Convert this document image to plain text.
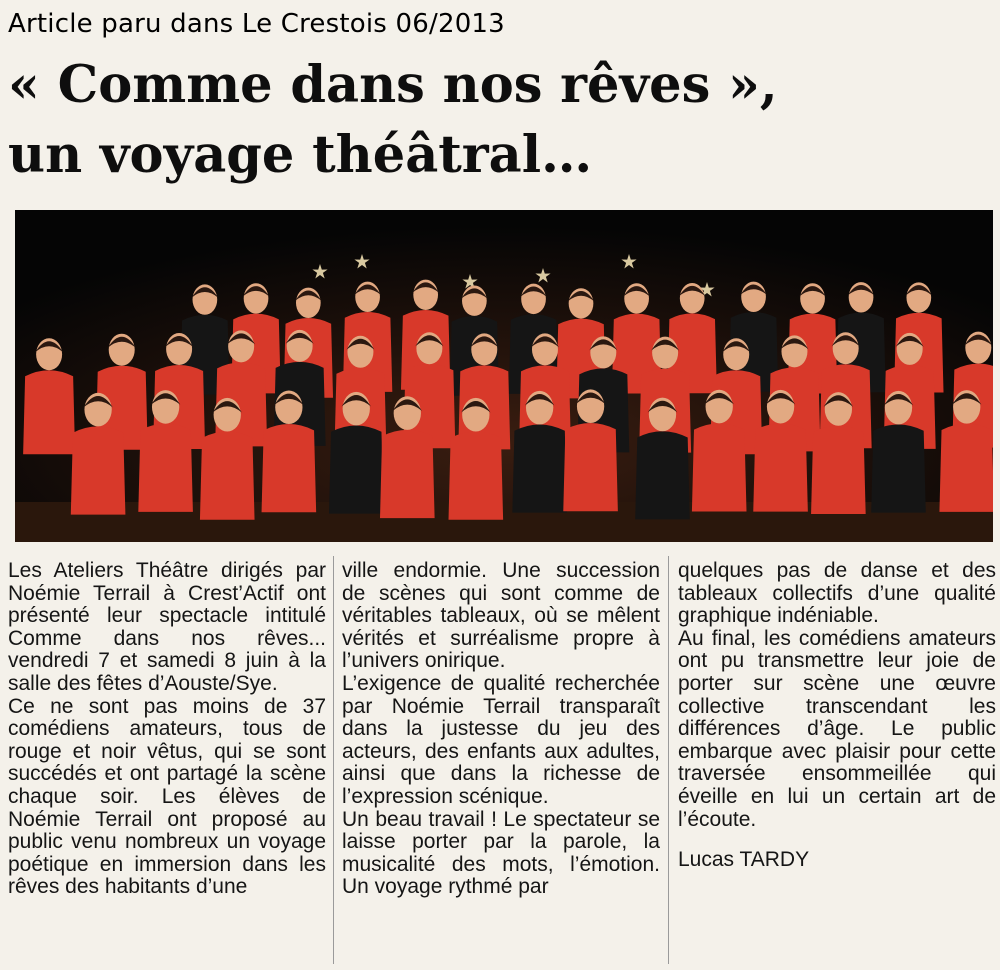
Article paru dans Le Crestois 06/2013
« Comme dans nos rêves »,
un voyage théâtral…

Les Ateliers Théâtre dirigés par Noémie Terrail à Crest’Actif ont présenté leur spectacle intitulé Comme dans nos rêves... vendredi 7 et samedi 8 juin à la salle des fêtes d’Aouste/Sye.

Ce ne sont pas moins de 37 comédiens amateurs, tous de rouge et noir vêtus, qui se sont succédés et ont partagé la scène chaque soir. Les élèves de Noémie Terrail ont proposé au public venu nombreux un voyage poétique en immersion dans les rêves des habitants d’une

ville endormie. Une succession de scènes qui sont comme de véritables tableaux, où se mêlent vérités et surréalisme propre à l’univers onirique.

L’exigence de qualité recherchée par Noémie Terrail transparaît dans la justesse du jeu des acteurs, des enfants aux adultes, ainsi que dans la richesse de l’expression scénique.

Un beau travail ! Le spectateur se laisse porter par la parole, la musicalité des mots, l’émotion. Un voyage rythmé par

quelques pas de danse et des tableaux collectifs d’une qualité graphique indéniable.

Au final, les comédiens amateurs ont pu transmettre leur joie de porter sur scène une œuvre collective transcendant les différences d’âge. Le public embarque avec plaisir pour cette traversée ensommeillée qui éveille en lui un certain art de l’écoute.

Lucas TARDY
